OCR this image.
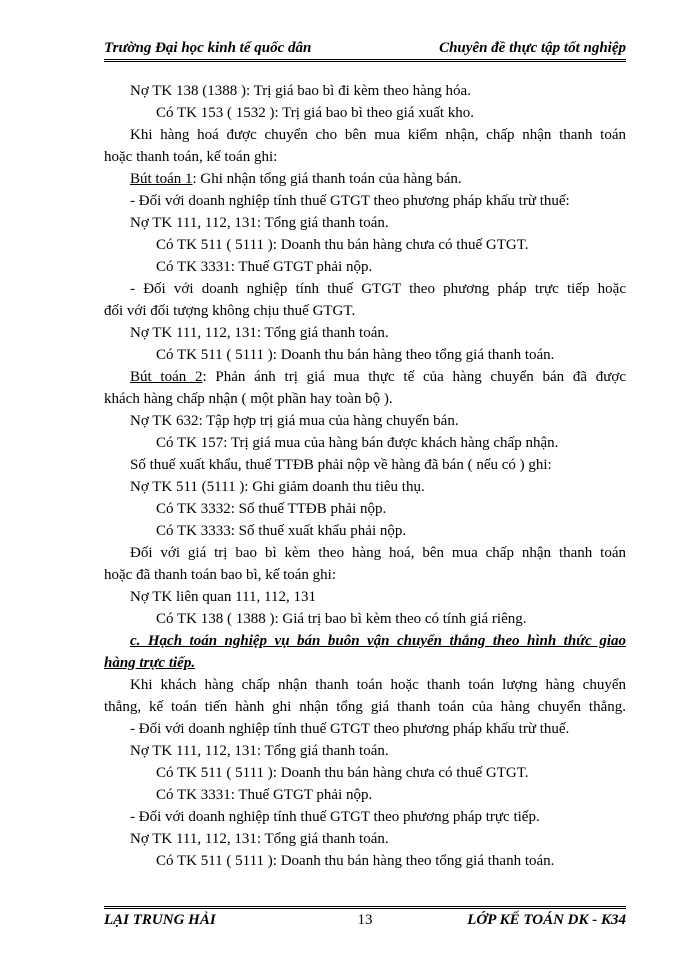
Trường Đại học kinh tế quốc dân	Chuyên đề thực tập tốt nghiệp
Nợ TK 138 (1388 ): Trị giá bao bì đi kèm theo hàng hóa.
Có TK 153 ( 1532 ): Trị giá bao bì theo giá xuất kho.
Khi hàng hoá được chuyển cho bên mua kiểm nhận, chấp nhận thanh toán
hoặc thanh toán, kế toán ghi:
Bút toán 1: Ghi nhận tổng giá thanh toán của hàng bán.
- Đối với doanh nghiệp tính thuế GTGT theo phương pháp khấu trừ thuế:
Nợ TK 111, 112, 131: Tổng giá thanh toán.
Có TK 511 ( 5111 ): Doanh thu bán hàng chưa có thuế GTGT.
Có TK 3331: Thuế GTGT phải nộp.
- Đối với doanh nghiệp tính thuế GTGT theo phương pháp trực tiếp hoặc
đối với đối tượng không chịu thuế GTGT.
Nợ TK 111, 112, 131: Tổng giá thanh toán.
Có TK 511 ( 5111 ): Doanh thu bán hàng theo tổng giá thanh toán.
Bút toán 2: Phản ánh trị giá mua thực tế của hàng chuyển bán đã được
khách hàng chấp nhận ( một phần hay toàn bộ ).
Nợ TK 632: Tập hợp trị giá mua của hàng chuyển bán.
Có TK 157: Trị giá mua của hàng bán được khách hàng chấp nhận.
Số thuế xuất khẩu, thuế TTĐB phải nộp về hàng đã bán ( nếu có ) ghi:
Nợ TK 511 (5111 ): Ghi giảm doanh thu tiêu thụ.
Có TK 3332: Số thuế TTĐB phải nộp.
Có TK 3333: Số thuế xuất khẩu phải nộp.
Đối với giá trị bao bì kèm theo hàng hoá, bên mua chấp nhận thanh toán
hoặc đã thanh toán bao bì, kế toán ghi:
Nợ TK liên quan 111, 112, 131
Có TK 138 ( 1388 ): Giá trị bao bì kèm theo có tính giá riêng.
c. Hạch toán nghiệp vụ bán buôn vận chuyển thẳng theo hình thức giao
hàng trực tiếp.
Khi khách hàng chấp nhận thanh toán hoặc thanh toán lượng hàng chuyển
thẳng, kế toán tiến hành ghi nhận tổng giá thanh toán của hàng chuyển thẳng.
- Đối với doanh nghiệp tính thuế GTGT theo phương pháp khấu trừ thuế.
Nợ TK 111, 112, 131: Tổng giá thanh toán.
Có TK 511 ( 5111 ): Doanh thu bán hàng chưa có thuế GTGT.
Có TK 3331: Thuế GTGT phải nộp.
- Đối với doanh nghiệp tính thuế GTGT theo phương pháp trực tiếp.
Nợ TK 111, 112, 131: Tổng giá thanh toán.
Có TK 511 ( 5111 ): Doanh thu bán hàng theo tổng giá thanh toán.
LẠI TRUNG HẢI	13	LỚP KẾ TOÁN DK - K34
